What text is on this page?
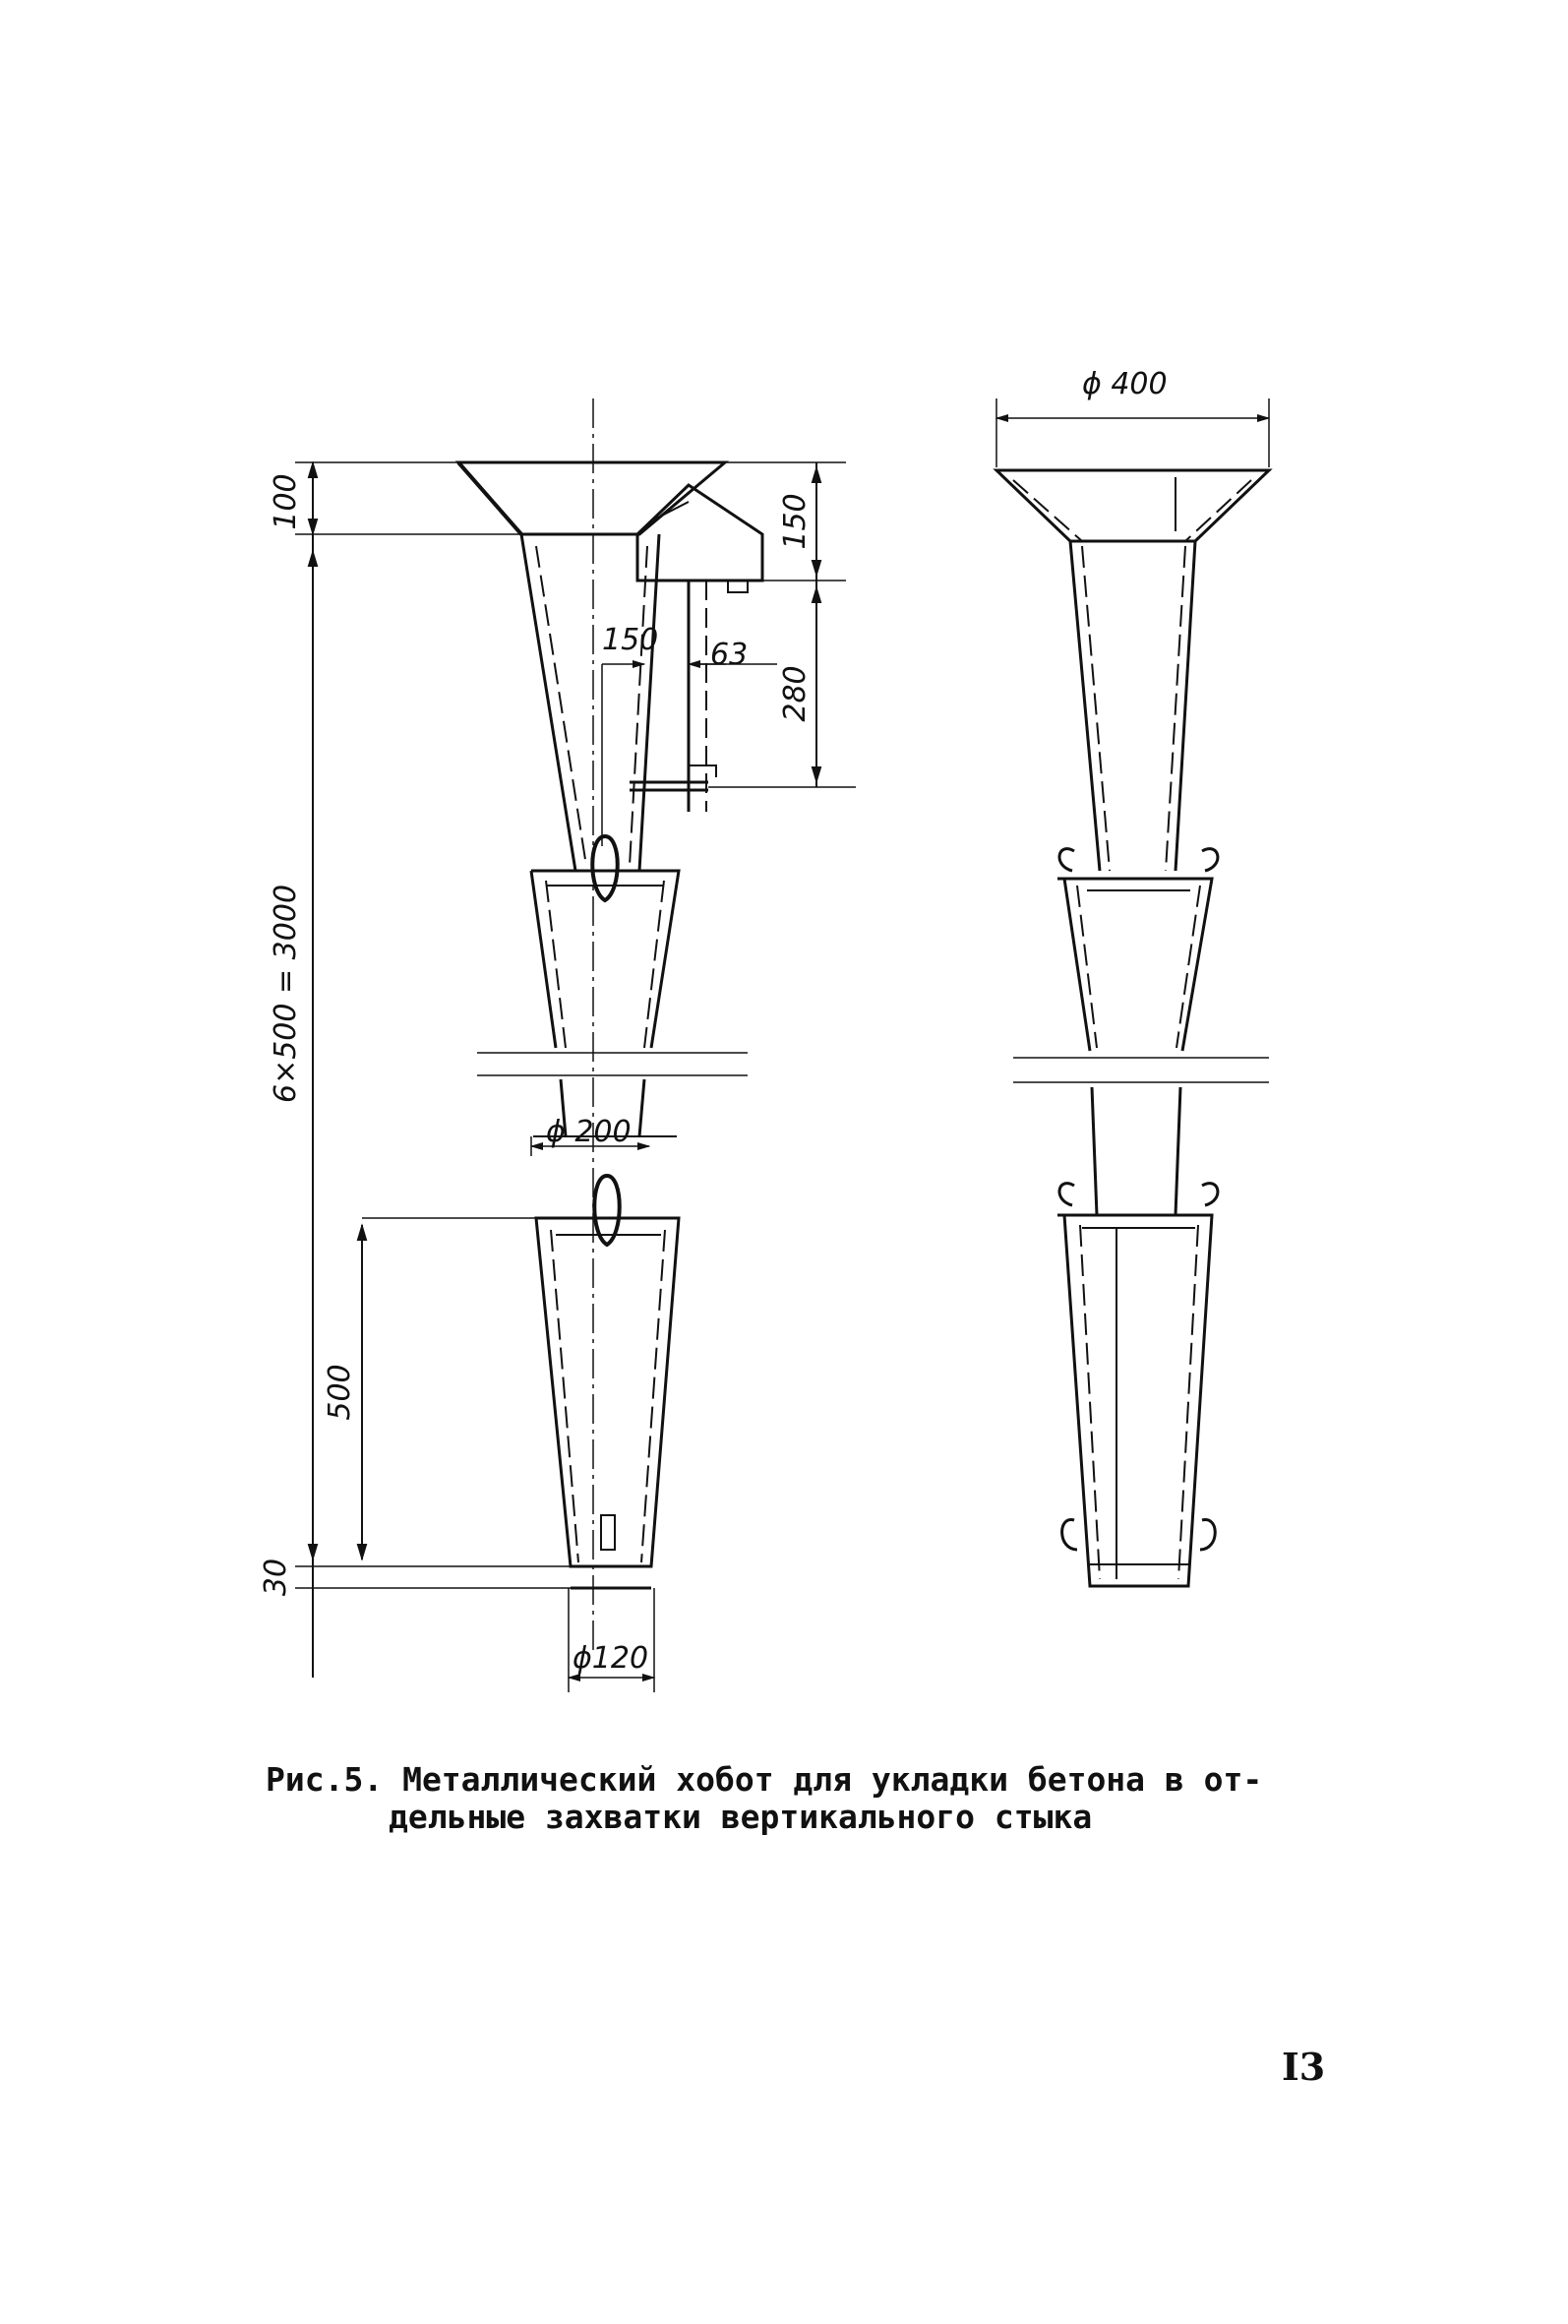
100
6×500 = 3000
500
30
150
280
150 63
ϕ 200
ϕ120
ϕ 400
Рис.5. Металлический хобот для укладки бетона в от-

дельные захватки вертикального стыка
I3
